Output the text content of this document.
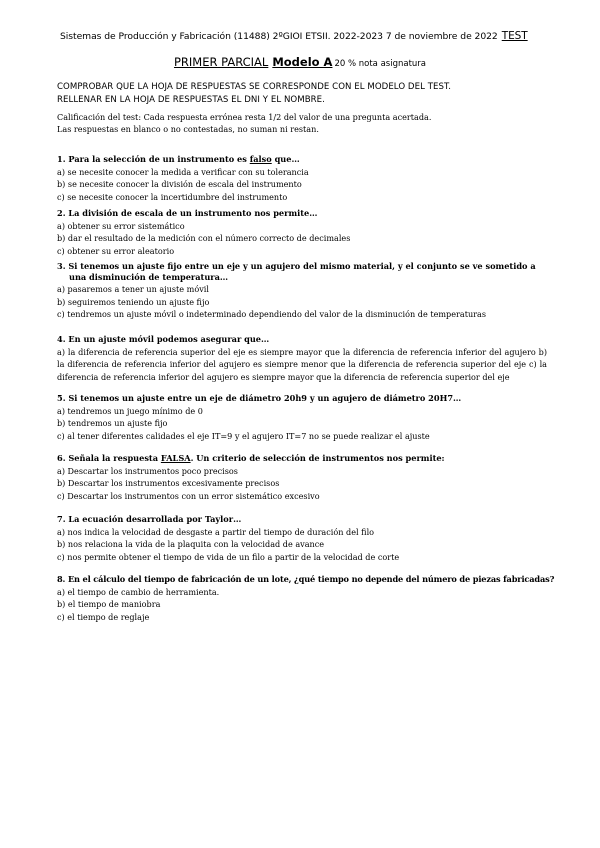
Sistemas de Producción y Fabricación (11488) 2ºGIOI ETSII. 2022-2023 7 de noviembre de 2022 TEST
PRIMER PARCIAL Modelo A 20 % nota asignatura
COMPROBAR QUE LA HOJA DE RESPUESTAS SE CORRESPONDE CON EL MODELO DEL TEST.
RELLENAR EN LA HOJA DE RESPUESTAS EL DNI Y EL NOMBRE.
Calificación del test: Cada respuesta errónea resta 1/2 del valor de una pregunta acertada.
Las respuestas en blanco o no contestadas, no suman ni restan.
1. Para la selección de un instrumento es falso que…
a) se necesite conocer la medida a verificar con su tolerancia
b) se necesite conocer la división de escala del instrumento
c) se necesite conocer la incertidumbre del instrumento
2. La división de escala de un instrumento nos permite…
a) obtener su error sistemático
b) dar el resultado de la medición con el número correcto de decimales
c) obtener su error aleatorio
3. Si tenemos un ajuste fijo entre un eje y un agujero del mismo material, y el conjunto se ve sometido a una disminución de temperatura…
a) pasaremos a tener un ajuste móvil
b) seguiremos teniendo un ajuste fijo
c) tendremos un ajuste móvil o indeterminado dependiendo del valor de la disminución de temperaturas
4. En un ajuste móvil podemos asegurar que…
a) la diferencia de referencia superior del eje es siempre mayor que la diferencia de referencia inferior del agujero b) la diferencia de referencia inferior del agujero es siempre menor que la diferencia de referencia superior del eje c) la diferencia de referencia inferior del agujero es siempre mayor que la diferencia de referencia superior del eje
5. Si tenemos un ajuste entre un eje de diámetro 20h9 y un agujero de diámetro 20H7…
a) tendremos un juego mínimo de 0
b) tendremos un ajuste fijo
c) al tener diferentes calidades el eje IT=9 y el agujero IT=7 no se puede realizar el ajuste
6. Señala la respuesta FALSA. Un criterio de selección de instrumentos nos permite:
a) Descartar los instrumentos poco precisos
b) Descartar los instrumentos excesivamente precisos
c) Descartar los instrumentos con un error sistemático excesivo
7. La ecuación desarrollada por Taylor…
a) nos indica la velocidad de desgaste a partir del tiempo de duración del filo
b) nos relaciona la vida de la plaquita con la velocidad de avance
c) nos permite obtener el tiempo de vida de un filo a partir de la velocidad de corte
8. En el cálculo del tiempo de fabricación de un lote, ¿qué tiempo no depende del número de piezas fabricadas?
a) el tiempo de cambio de herramienta.
b) el tiempo de maniobra
c) el tiempo de reglaje
